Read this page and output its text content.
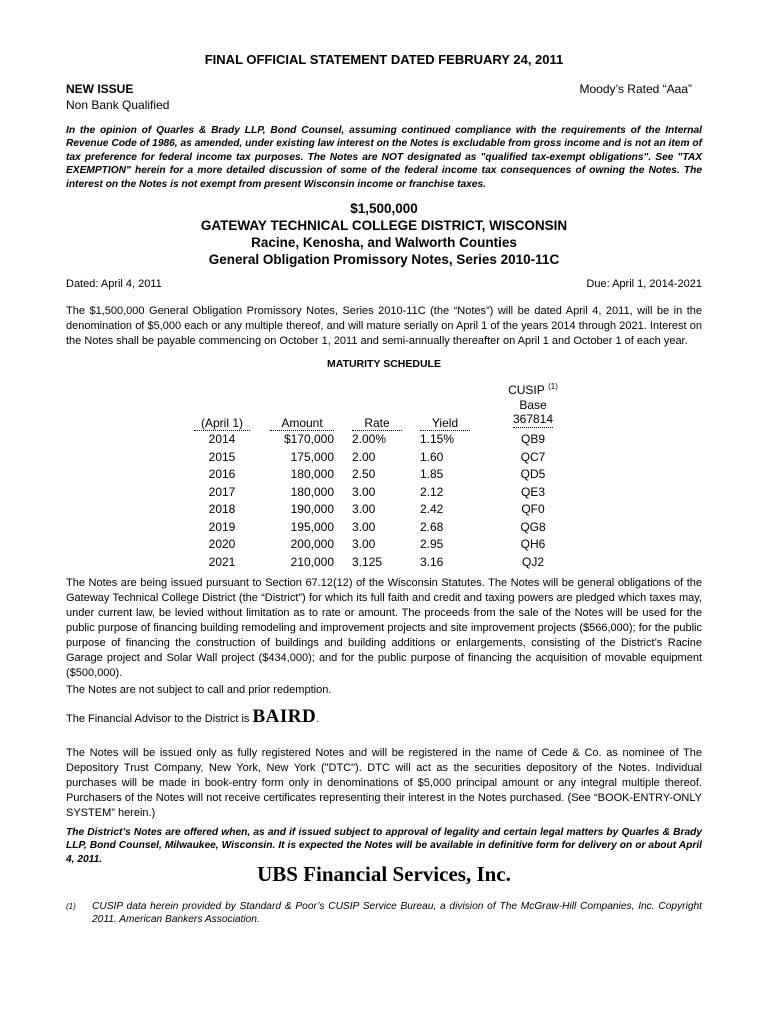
FINAL OFFICIAL STATEMENT DATED FEBRUARY 24, 2011
NEW ISSUE	Moody’s Rated “Aaa”
Non Bank Qualified
In the opinion of Quarles & Brady LLP, Bond Counsel, assuming continued compliance with the requirements of the Internal Revenue Code of 1986, as amended, under existing law interest on the Notes is excludable from gross income and is not an item of tax preference for federal income tax purposes. The Notes are NOT designated as "qualified tax-exempt obligations". See "TAX EXEMPTION" herein for a more detailed discussion of some of the federal income tax consequences of owning the Notes. The interest on the Notes is not exempt from present Wisconsin income or franchise taxes.
$1,500,000
GATEWAY TECHNICAL COLLEGE DISTRICT, WISCONSIN
Racine, Kenosha, and Walworth Counties
General Obligation Promissory Notes, Series 2010-11C
Dated: April 4, 2011	Due: April 1, 2014-2021
The $1,500,000 General Obligation Promissory Notes, Series 2010-11C (the “Notes”) will be dated April 4, 2011, will be in the denomination of $5,000 each or any multiple thereof, and will mature serially on April 1 of the years 2014 through 2021. Interest on the Notes shall be payable commencing on October 1, 2011 and semi-annually thereafter on April 1 and October 1 of each year.
MATURITY SCHEDULE
CUSIP $^{(1)}$
Base
367814
(April 1)	Amount	Rate	Yield
2014	$170,000 2.00%	1.15%	QB9
2015	175,000 2.00	1.60	QC7
2016	180,000 2.50	1.85	QD5
2017	180,000 3.00	2.12	QE3
2018	190,000 3.00	2.42	QF0
2019	195,000 3.00	2.68	QG8
2020	200,000 3.00	2.95	QH6
2021	210,000 3.125	3.16	QJ2
The Notes are being issued pursuant to Section 67.12(12) of the Wisconsin Statutes. The Notes will be general obligations of the Gateway Technical College District (the “District”) for which its full faith and credit and taxing powers are pledged which taxes may, under current law, be levied without limitation as to rate or amount. The proceeds from the sale of the Notes will be used for the public purpose of financing building remodeling and improvement projects and site improvement projects ($566,000); for the public purpose of financing the construction of buildings and building additions or enlargements, consisting of the District’s Racine Garage project and Solar Wall project ($434,000); and for the public purpose of financing the acquisition of movable equipment ($500,000).
The Notes are not subject to call and prior redemption.
The Financial Advisor to the District is BAIRD.
The Notes will be issued only as fully registered Notes and will be registered in the name of Cede & Co. as nominee of The Depository Trust Company, New York, New York ("DTC"). DTC will act as the securities depository of the Notes. Individual purchases will be made in book-entry form only in denominations of $5,000 principal amount or any integral multiple thereof. Purchasers of the Notes will not receive certificates representing their interest in the Notes purchased. (See “BOOK-ENTRY-ONLY SYSTEM” herein.)
The District’s Notes are offered when, as and if issued subject to approval of legality and certain legal matters by Quarles & Brady LLP, Bond Counsel, Milwaukee, Wisconsin. It is expected the Notes will be available in definitive form for delivery on or about April 4, 2011.
UBS Financial Services, Inc.
(1) CUSIP data herein provided by Standard & Poor’s CUSIP Service Bureau, a division of The McGraw-Hill Companies, Inc. Copyright 2011. American Bankers Association.
